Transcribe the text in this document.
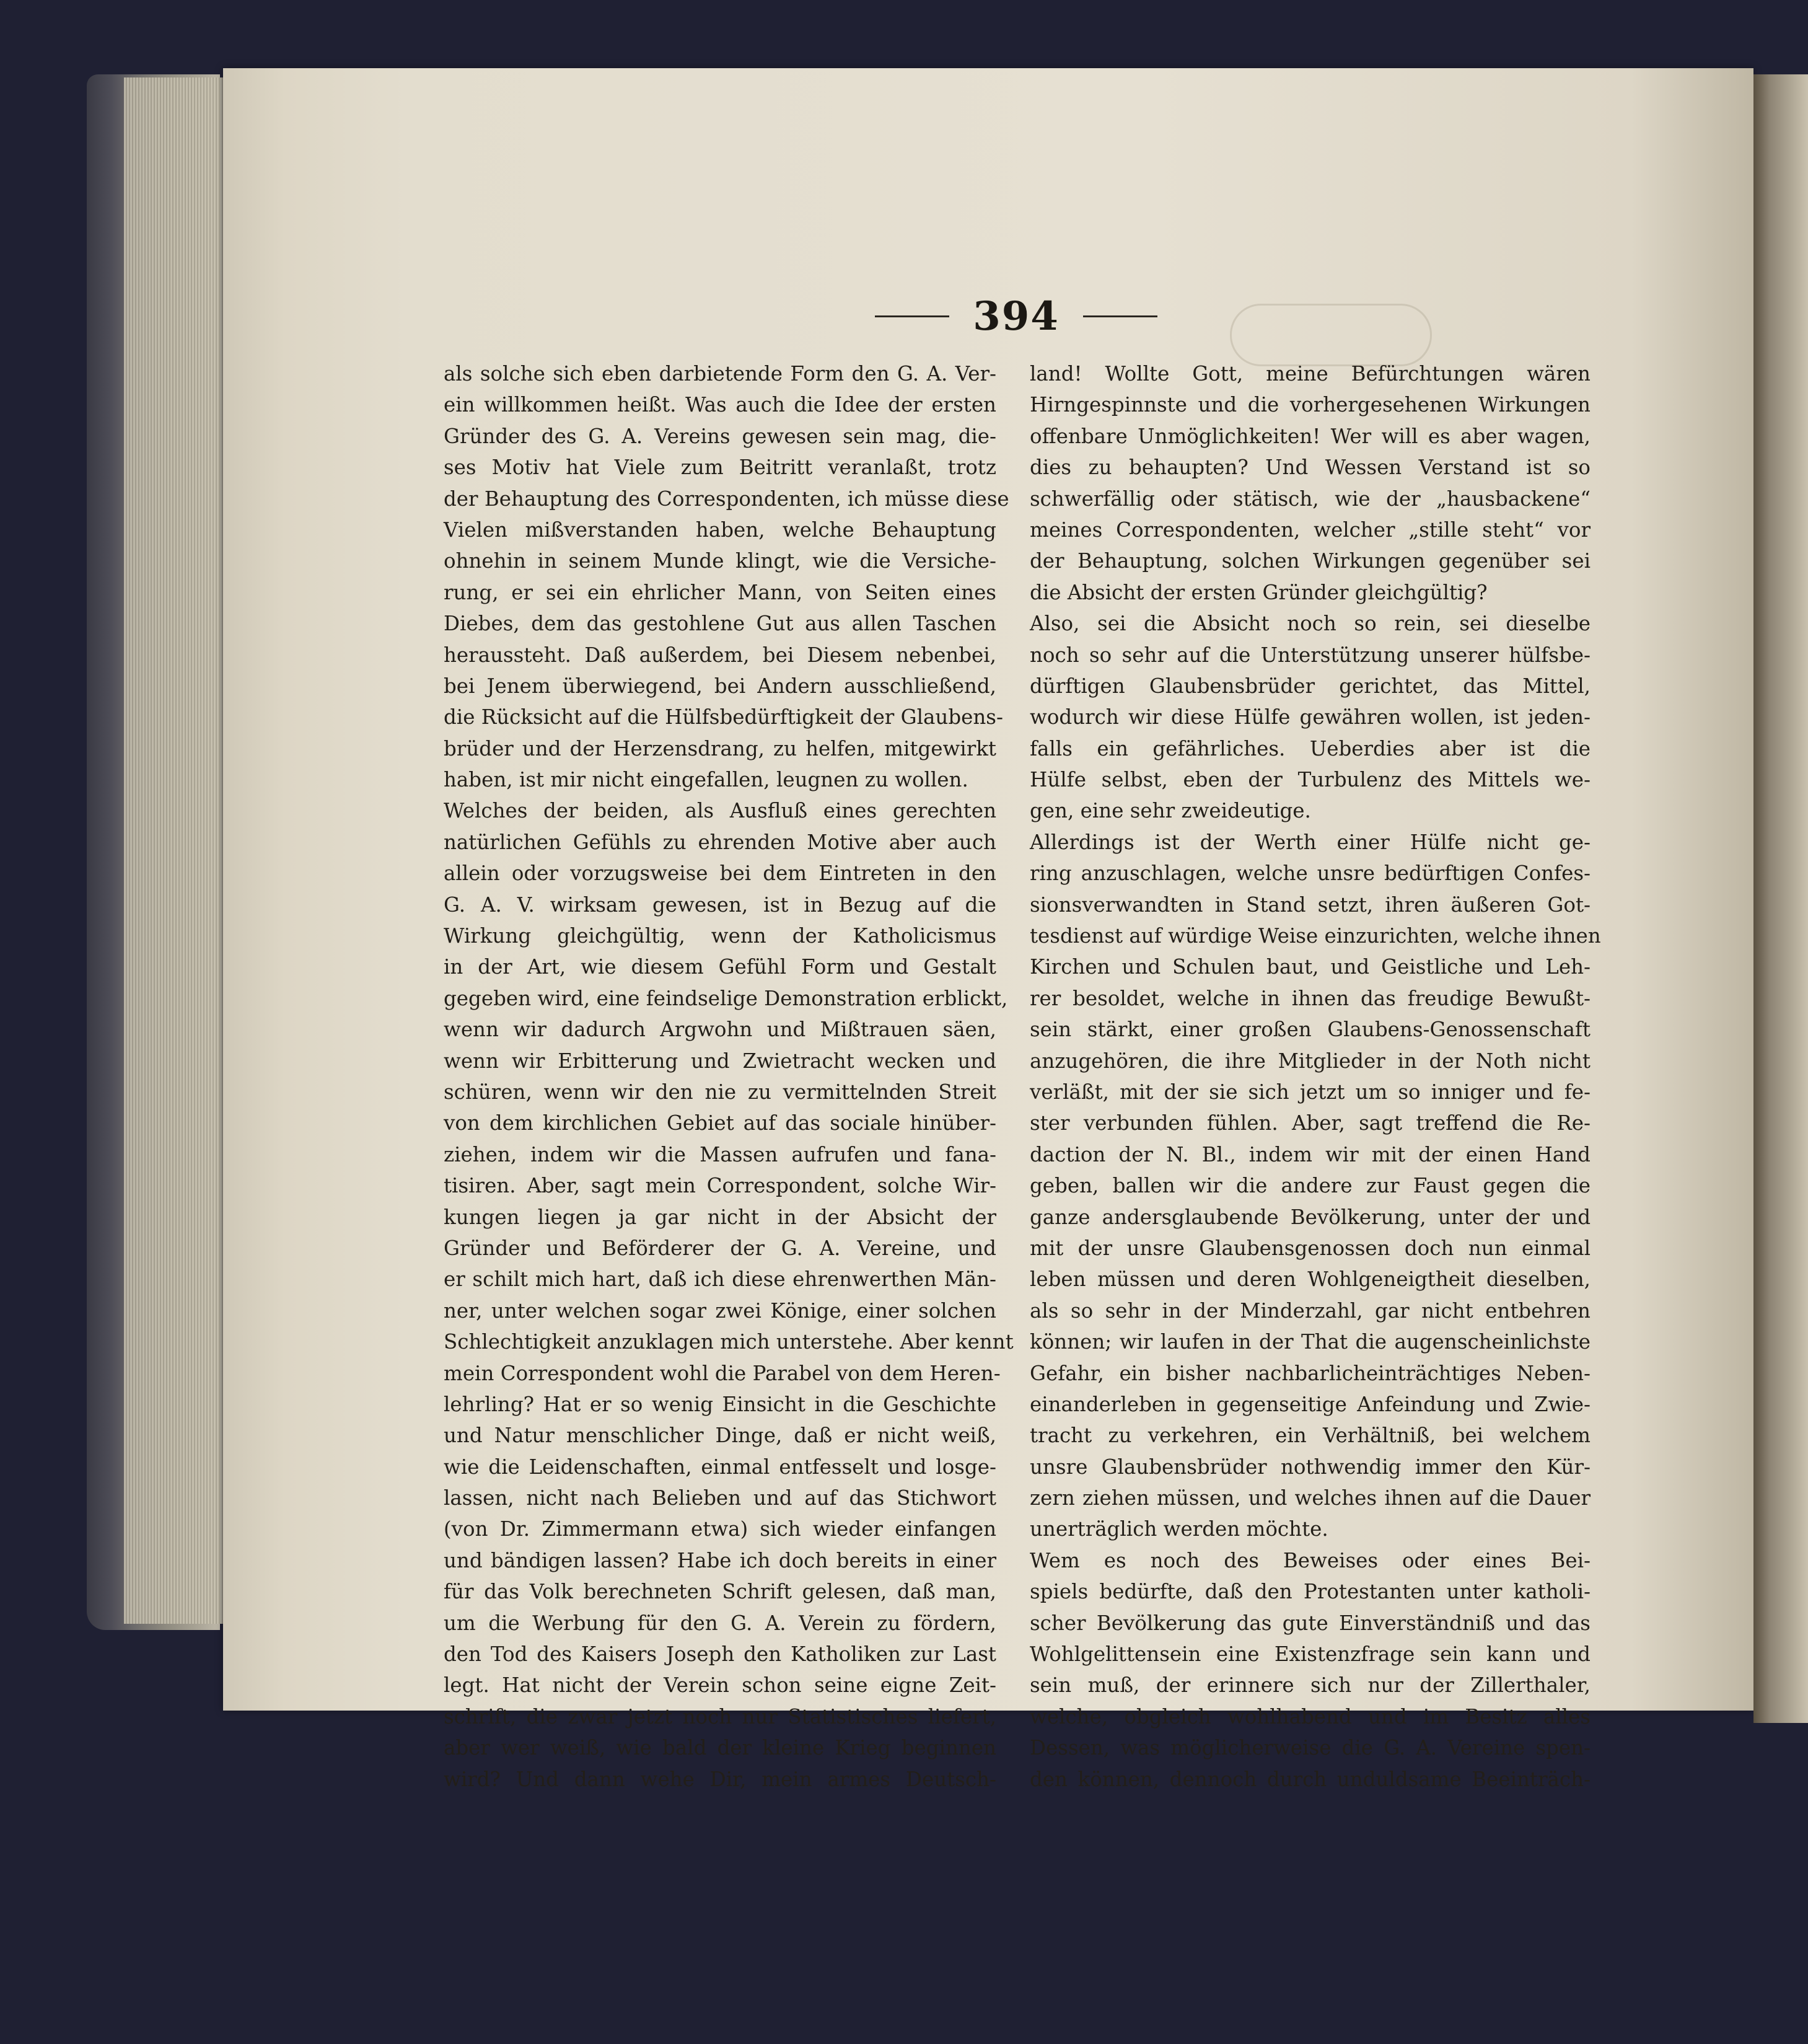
394
als solche sich eben darbietende Form den G. A. Ver-
ein willkommen heißt. Was auch die Idee der ersten
Gründer des G. A. Vereins gewesen sein mag, die-
ses Motiv hat Viele zum Beitritt veranlaßt, trotz
der Behauptung des Correspondenten, ich müsse diese
Vielen mißverstanden haben, welche Behauptung
ohnehin in seinem Munde klingt, wie die Versiche-
rung, er sei ein ehrlicher Mann, von Seiten eines
Diebes, dem das gestohlene Gut aus allen Taschen
heraussteht. Daß außerdem, bei Diesem nebenbei,
bei Jenem überwiegend, bei Andern ausschließend,
die Rücksicht auf die Hülfsbedürftigkeit der Glaubens-
brüder und der Herzensdrang, zu helfen, mitgewirkt
haben, ist mir nicht eingefallen, leugnen zu wollen.
Welches der beiden, als Ausfluß eines gerechten
natürlichen Gefühls zu ehrenden Motive aber auch
allein oder vorzugsweise bei dem Eintreten in den
G. A. V. wirksam gewesen, ist in Bezug auf die
Wirkung gleichgültig, wenn der Katholicismus
in der Art, wie diesem Gefühl Form und Gestalt
gegeben wird, eine feindselige Demonstration erblickt,
wenn wir dadurch Argwohn und Mißtrauen säen,
wenn wir Erbitterung und Zwietracht wecken und
schüren, wenn wir den nie zu vermittelnden Streit
von dem kirchlichen Gebiet auf das sociale hinüber-
ziehen, indem wir die Massen aufrufen und fana-
tisiren. Aber, sagt mein Correspondent, solche Wir-
kungen liegen ja gar nicht in der Absicht der
Gründer und Beförderer der G. A. Vereine, und
er schilt mich hart, daß ich diese ehrenwerthen Män-
ner, unter welchen sogar zwei Könige, einer solchen
Schlechtigkeit anzuklagen mich unterstehe. Aber kennt
mein Correspondent wohl die Parabel von dem Heren-
lehrling? Hat er so wenig Einsicht in die Geschichte
und Natur menschlicher Dinge, daß er nicht weiß,
wie die Leidenschaften, einmal entfesselt und losge-
lassen, nicht nach Belieben und auf das Stichwort
(von Dr. Zimmermann etwa) sich wieder einfangen
und bändigen lassen? Habe ich doch bereits in einer
für das Volk berechneten Schrift gelesen, daß man,
um die Werbung für den G. A. Verein zu fördern,
den Tod des Kaisers Joseph den Katholiken zur Last
legt. Hat nicht der Verein schon seine eigne Zeit-
schrift, die zwar jetzt noch nur Statistisches liefert,
aber wer weiß, wie bald der kleine Krieg beginnen
wird? Und dann wehe Dir, mein armes Deutsch-
land! Wollte Gott, meine Befürchtungen wären
Hirngespinnste und die vorhergesehenen Wirkungen
offenbare Unmöglichkeiten! Wer will es aber wagen,
dies zu behaupten? Und Wessen Verstand ist so
schwerfällig oder stätisch, wie der „hausbackene“
meines Correspondenten, welcher „stille steht“ vor
der Behauptung, solchen Wirkungen gegenüber sei
die Absicht der ersten Gründer gleichgültig?
Also, sei die Absicht noch so rein, sei dieselbe
noch so sehr auf die Unterstützung unserer hülfsbe-
dürftigen Glaubensbrüder gerichtet, das Mittel,
wodurch wir diese Hülfe gewähren wollen, ist jeden-
falls ein gefährliches. Ueberdies aber ist die
Hülfe selbst, eben der Turbulenz des Mittels we-
gen, eine sehr zweideutige.
Allerdings ist der Werth einer Hülfe nicht ge-
ring anzuschlagen, welche unsre bedürftigen Confes-
sionsverwandten in Stand setzt, ihren äußeren Got-
tesdienst auf würdige Weise einzurichten, welche ihnen
Kirchen und Schulen baut, und Geistliche und Leh-
rer besoldet, welche in ihnen das freudige Bewußt-
sein stärkt, einer großen Glaubens-Genossenschaft
anzugehören, die ihre Mitglieder in der Noth nicht
verläßt, mit der sie sich jetzt um so inniger und fe-
ster verbunden fühlen. Aber, sagt treffend die Re-
daction der N. Bl., indem wir mit der einen Hand
geben, ballen wir die andere zur Faust gegen die
ganze andersglaubende Bevölkerung, unter der und
mit der unsre Glaubensgenossen doch nun einmal
leben müssen und deren Wohlgeneigtheit dieselben,
als so sehr in der Minderzahl, gar nicht entbehren
können; wir laufen in der That die augenscheinlichste
Gefahr, ein bisher nachbarlicheinträchtiges Neben-
einanderleben in gegenseitige Anfeindung und Zwie-
tracht zu verkehren, ein Verhältniß, bei welchem
unsre Glaubensbrüder nothwendig immer den Kür-
zern ziehen müssen, und welches ihnen auf die Dauer
unerträglich werden möchte.
Wem es noch des Beweises oder eines Bei-
spiels bedürfte, daß den Protestanten unter katholi-
scher Bevölkerung das gute Einverständniß und das
Wohlgelittensein eine Existenzfrage sein kann und
sein muß, der erinnere sich nur der Zillerthaler,
welche, obgleich wohlhabend und im Besitz alles
Dessen, was möglicherweise die G. A. Vereine spen-
den können, dennoch durch unduldsame Beeinträch-
